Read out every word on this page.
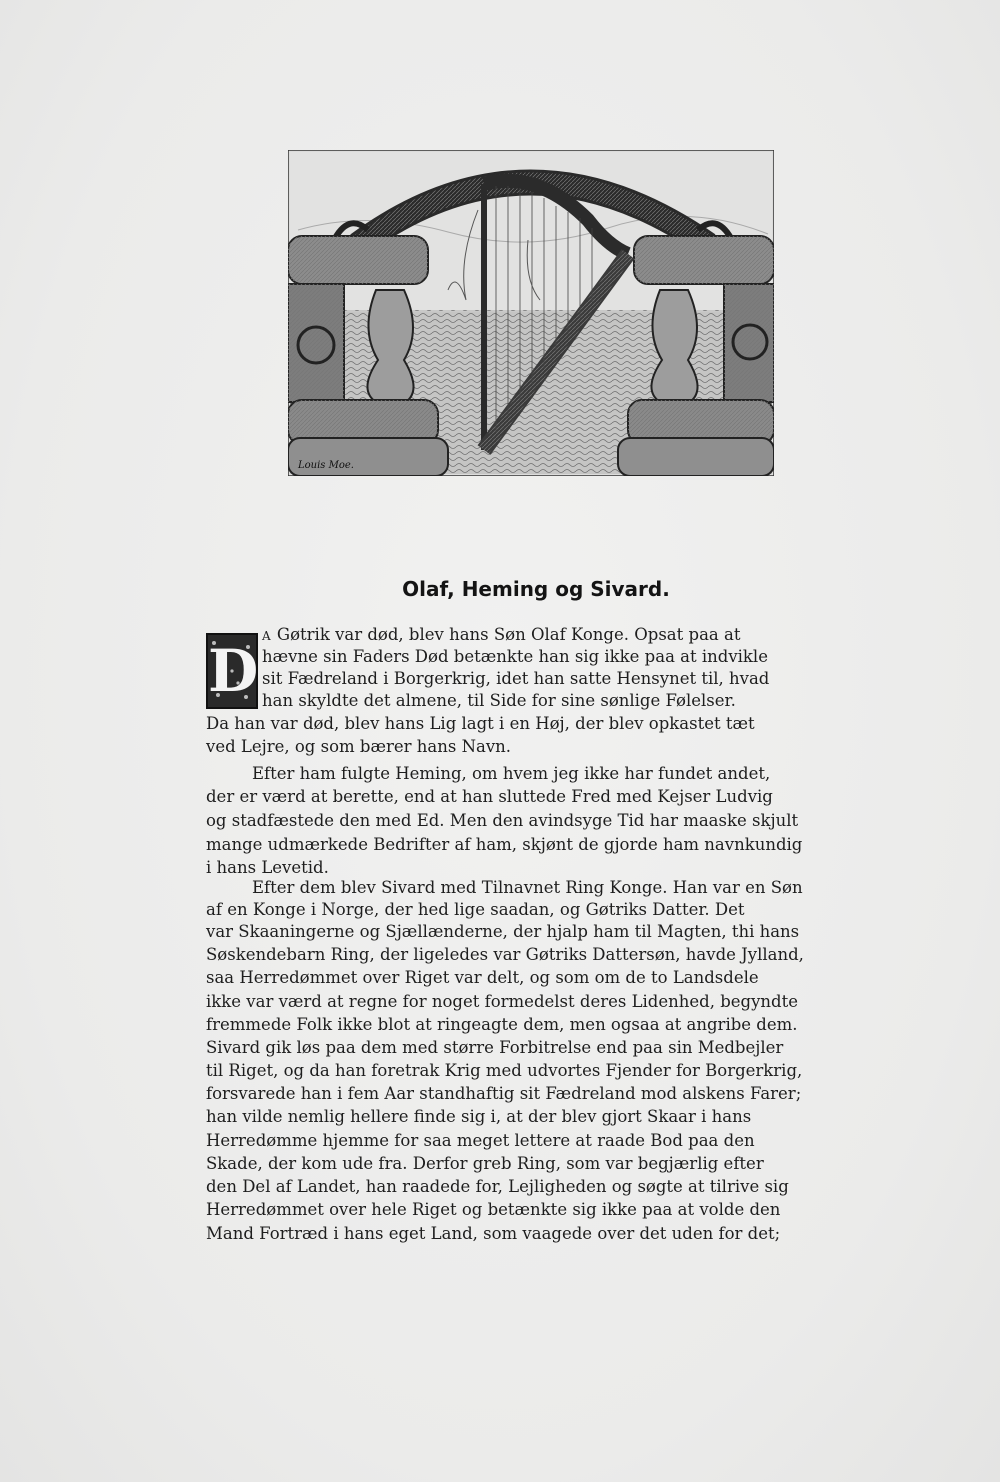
Louis Moe.
Olaf, Heming og Sivard.
D
A Gøtrik var død, blev hans Søn Olaf Konge. Opsat paa at
hævne sin Faders Død betænkte han sig ikke paa at indvikle
sit Fædreland i Borgerkrig, idet han satte Hensynet til, hvad
han skyldte det almene, til Side for sine sønlige Følelser.
Da han var død, blev hans Lig lagt i en Høj, der blev opkastet tæt
ved Lejre, og som bærer hans Navn.
Efter ham fulgte Heming, om hvem jeg ikke har fundet andet,
der er værd at berette, end at han sluttede Fred med Kejser Ludvig
og stadfæstede den med Ed. Men den avindsyge Tid har maaske skjult
mange udmærkede Bedrifter af ham, skjønt de gjorde ham navnkundig
i hans Levetid.
Efter dem blev Sivard med Tilnavnet Ring Konge. Han var en Søn
af en Konge i Norge, der hed lige saadan, og Gøtriks Datter. Det
var Skaaningerne og Sjællænderne, der hjalp ham til Magten, thi hans
Søskendebarn Ring, der ligeledes var Gøtriks Dattersøn, havde Jylland,
saa Herredømmet over Riget var delt, og som om de to Landsdele
ikke var værd at regne for noget formedelst deres Lidenhed, begyndte
fremmede Folk ikke blot at ringeagte dem, men ogsaa at angribe dem.
Sivard gik løs paa dem med større Forbitrelse end paa sin Medbejler
til Riget, og da han foretrak Krig med udvortes Fjender for Borgerkrig,
forsvarede han i fem Aar standhaftig sit Fædreland mod alskens Farer;
han vilde nemlig hellere finde sig i, at der blev gjort Skaar i hans
Herredømme hjemme for saa meget lettere at raade Bod paa den
Skade, der kom ude fra. Derfor greb Ring, som var begjærlig efter
den Del af Landet, han raadede for, Lejligheden og søgte at tilrive sig
Herredømmet over hele Riget og betænkte sig ikke paa at volde den
Mand Fortræd i hans eget Land, som vaagede over det uden for det;
